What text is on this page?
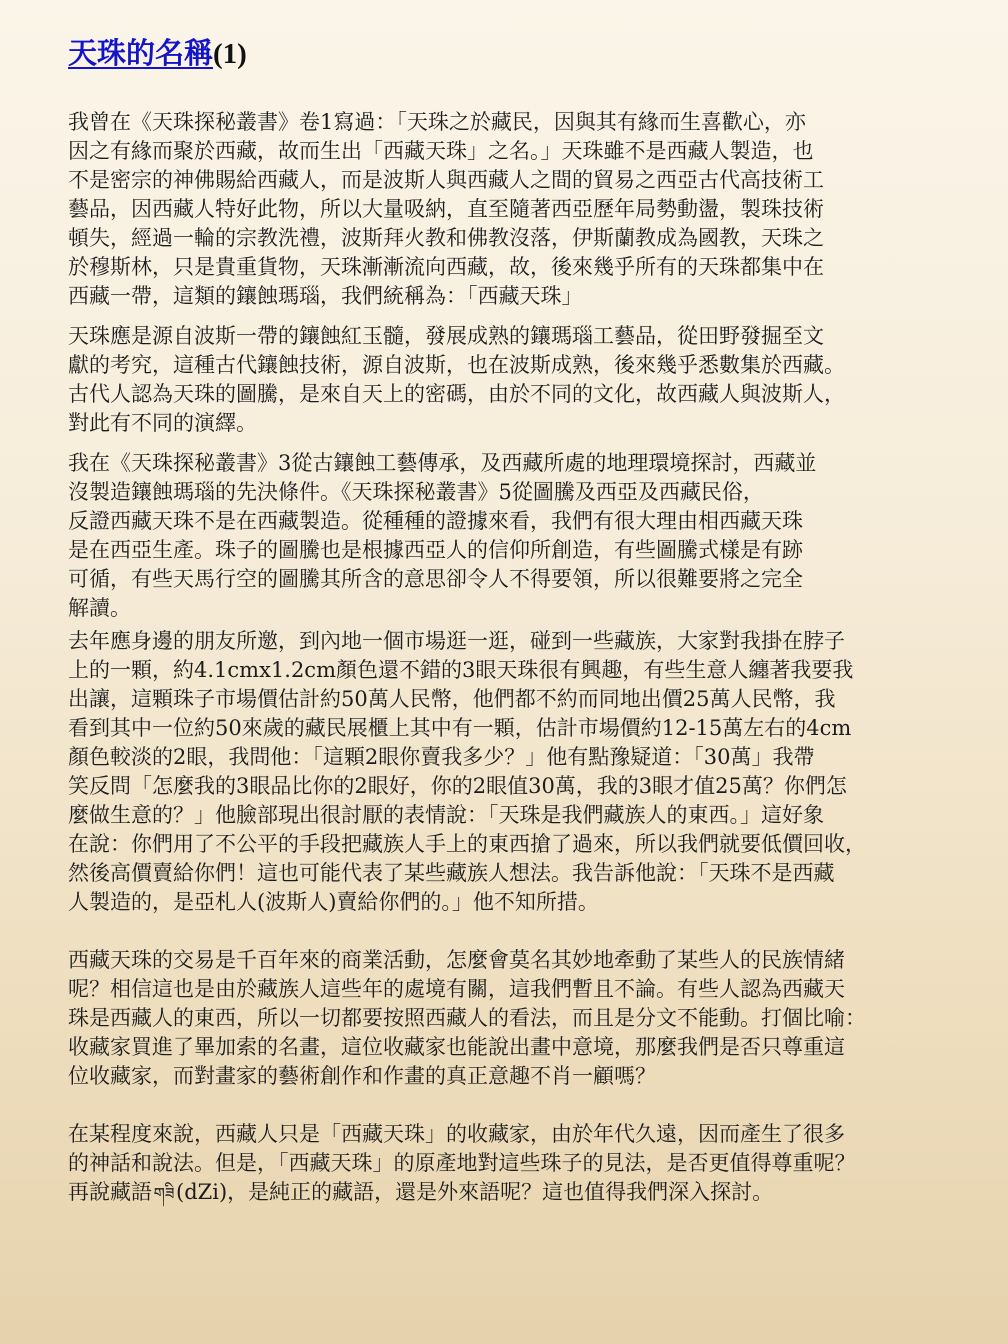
天珠的名稱(1)

我曾在《天珠探秘叢書》卷1寫過：「天珠之於藏民，因與其有緣而生喜歡心，亦
因之有緣而聚於西藏，故而生出「西藏天珠」之名。」天珠雖不是西藏人製造，也
不是密宗的神佛賜給西藏人，而是波斯人與西藏人之間的貿易之西亞古代高技術工
藝品，因西藏人特好此物，所以大量吸納，直至隨著西亞歷年局勢動盪，製珠技術
頓失，經過一輪的宗教洗禮，波斯拜火教和佛教沒落，伊斯蘭教成為國教，天珠之
於穆斯林，只是貴重貨物，天珠漸漸流向西藏，故，後來幾乎所有的天珠都集中在
西藏一帶，這類的鑲蝕瑪瑙，我們統稱為：「西藏天珠」

天珠應是源自波斯一帶的鑲蝕紅玉髓，發展成熟的鑲瑪瑙工藝品，從田野發掘至文
獻的考究，這種古代鑲蝕技術，源自波斯，也在波斯成熟，後來幾乎悉數集於西藏。
古代人認為天珠的圖騰，是來自天上的密碼，由於不同的文化，故西藏人與波斯人，
對此有不同的演繹。

我在《天珠探秘叢書》3從古鑲蝕工藝傳承，及西藏所處的地理環境探討，西藏並
沒製造鑲蝕瑪瑙的先決條件。《天珠探秘叢書》5從圖騰及西亞及西藏民俗，
反證西藏天珠不是在西藏製造。從種種的證據來看，我們有很大理由相西藏天珠
是在西亞生產。珠子的圖騰也是根據西亞人的信仰所創造，有些圖騰式樣是有跡
可循，有些天馬行空的圖騰其所含的意思卻令人不得要領，所以很難要將之完全
解讀。

去年應身邊的朋友所邀，到內地一個市場逛一逛，碰到一些藏族，大家對我掛在脖子
上的一顆，約4.1cmx1.2cm顏色還不錯的3眼天珠很有興趣，有些生意人纏著我要我
出讓，這顆珠子市場價估計約50萬人民幣，他們都不約而同地出價25萬人民幣，我
看到其中一位約50來歲的藏民展櫃上其中有一顆，估計市場價約12-15萬左右的4cm
顏色較淡的2眼，我問他：「這顆2眼你賣我多少？」他有點豫疑道：「30萬」我帶
笑反問「怎麼我的3眼品比你的2眼好，你的2眼值30萬，我的3眼才值25萬？你們怎
麼做生意的？」他臉部現出很討厭的表情說：「天珠是我們藏族人的東西。」這好象
在說：你們用了不公平的手段把藏族人手上的東西搶了過來，所以我們就要低價回收，
然後高價賣給你們！這也可能代表了某些藏族人想法。我告訴他說：「天珠不是西藏
人製造的，是亞札人(波斯人)賣給你們的。」他不知所措。

西藏天珠的交易是千百年來的商業活動，怎麼會莫名其妙地牽動了某些人的民族情緒
呢？相信這也是由於藏族人這些年的處境有關，這我們暫且不論。有些人認為西藏天
珠是西藏人的東西，所以一切都要按照西藏人的看法，而且是分文不能動。打個比喻：
收藏家買進了畢加索的名畫，這位收藏家也能說出畫中意境，那麼我們是否只尊重這
位收藏家，而對畫家的藝術創作和作畫的真正意趣不肖一顧嗎？

在某程度來說，西藏人只是「西藏天珠」的收藏家，由於年代久遠，因而產生了很多
的神話和說法。但是，「西藏天珠」的原產地對這些珠子的見法，是否更值得尊重呢？
再說藏語གཟི(dZi)，是純正的藏語，還是外來語呢？這也值得我們深入探討。
